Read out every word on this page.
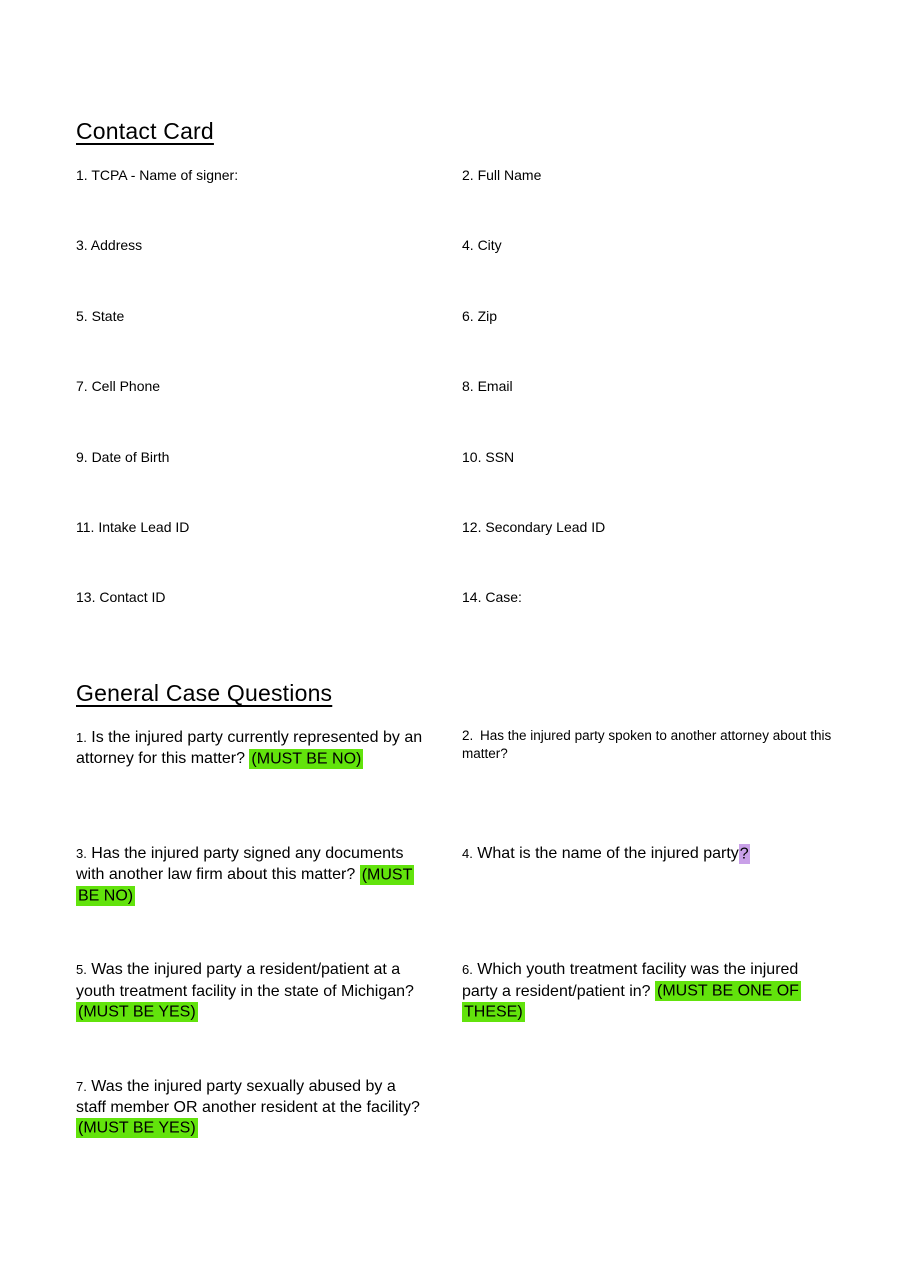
Contact Card
1. TCPA - Name of signer:	2. Full Name
3. Address	4. City
5. State	6. Zip
7. Cell Phone	8. Email
9. Date of Birth	10. SSN
11. Intake Lead ID	12. Secondary Lead ID
13. Contact ID	14. Case:
General Case Questions
1. Is the injured party currently represented by an attorney for this matter? (MUST BE NO)
2. Has the injured party spoken to another attorney about this matter?
3. Has the injured party signed any documents with another law firm about this matter? (MUST BE NO)
4. What is the name of the injured party?
5. Was the injured party a resident/patient at a youth treatment facility in the state of Michigan? (MUST BE YES)
6. Which youth treatment facility was the injured party a resident/patient in? (MUST BE ONE OF THESE)
7. Was the injured party sexually abused by a staff member OR another resident at the facility? (MUST BE YES)
